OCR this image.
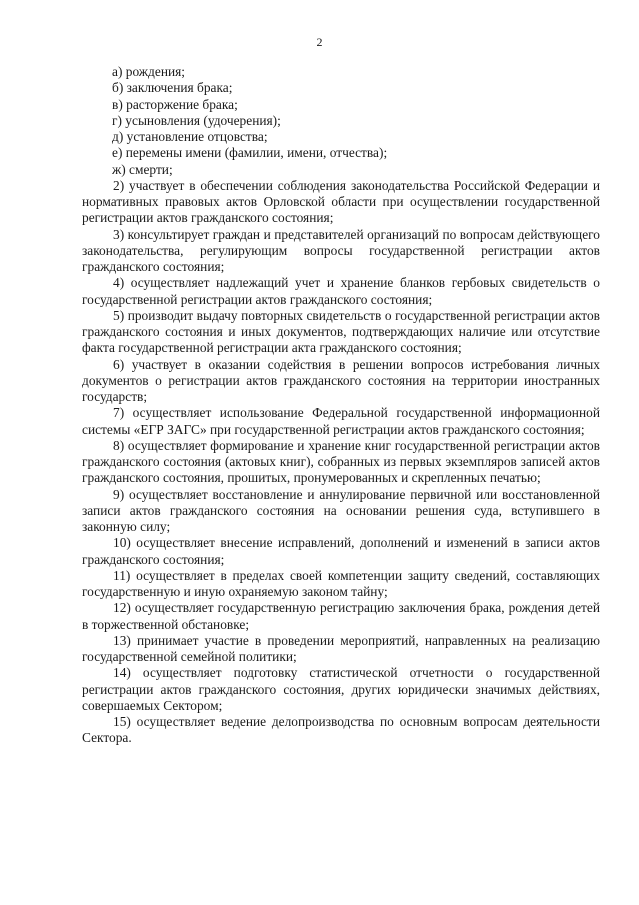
2

а) рождения;

б) заключения брака;

в) расторжение брака;

г) усыновления (удочерения);

д) установление отцовства;

е) перемены имени (фамилии, имени, отчества);

ж) смерти;

2) участвует в обеспечении соблюдения законодательства Российской Федерации и нормативных правовых актов Орловской области при осуществлении государственной регистрации актов гражданского состояния;

3) консультирует граждан и представителей организаций по вопросам действующего законодательства, регулирующим вопросы государственной регистрации актов гражданского состояния;

4) осуществляет надлежащий учет и хранение бланков гербовых свидетельств о государственной регистрации актов гражданского состояния;

5) производит выдачу повторных свидетельств о государственной регистрации актов гражданского состояния и иных документов, подтверждающих наличие или отсутствие факта государственной регистрации акта гражданского состояния;

6) участвует в оказании содействия в решении вопросов истребования личных документов о регистрации актов гражданского состояния на территории иностранных государств;

7) осуществляет использование Федеральной государственной информационной системы «ЕГР ЗАГС» при государственной регистрации актов гражданского состояния;

8) осуществляет формирование и хранение книг государственной регистрации актов гражданского состояния (актовых книг), собранных из первых экземпляров записей актов гражданского состояния, прошитых, пронумерованных и скрепленных печатью;

9) осуществляет восстановление и аннулирование первичной или восстановленной записи актов гражданского состояния на основании решения суда, вступившего в законную силу;

10) осуществляет внесение исправлений, дополнений и изменений в записи актов гражданского состояния;

11) осуществляет в пределах своей компетенции защиту сведений, составляющих государственную и иную охраняемую законом тайну;

12) осуществляет государственную регистрацию заключения брака, рождения детей в торжественной обстановке;

13) принимает участие в проведении мероприятий, направленных на реализацию государственной семейной политики;

14) осуществляет подготовку статистической отчетности о государственной регистрации актов гражданского состояния, других юридически значимых действиях, совершаемых Сектором;

15) осуществляет ведение делопроизводства по основным вопросам деятельности Сектора.
